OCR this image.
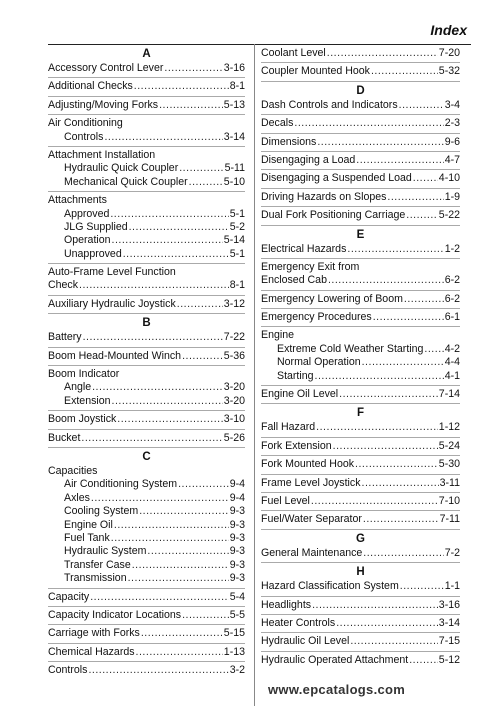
Index
A
Accessory Control Lever .....	3-16
Additional Checks .....	8-1
Adjusting/Moving Forks .....	5-13
Air Conditioning
Controls .....	3-14
Attachment Installation
Hydraulic Quick Coupler .....	5-11
Mechanical Quick Coupler .....	5-10
Attachments
Approved .....	5-1
JLG Supplied .....	5-2
Operation .....	5-14
Unapproved .....	5-1
Auto-Frame Level Function
Check .....	8-1
Auxiliary Hydraulic Joystick .....	3-12
B
Battery .....	7-22
Boom Head-Mounted Winch .....	5-36
Boom Indicator
Angle .....	3-20
Extension .....	3-20
Boom Joystick .....	3-10
Bucket .....	5-26
C
Capacities
Air Conditioning System .....	9-4
Axles .....	9-4
Cooling System .....	9-3
Engine Oil .....	9-3
Fuel Tank .....	9-3
Hydraulic System .....	9-3
Transfer Case .....	9-3
Transmission .....	9-3
Capacity .....	5-4
Capacity Indicator Locations .....	5-5
Carriage with Forks .....	5-15
Chemical Hazards .....	1-13
Controls .....	3-2
Coolant Level .....	7-20
Coupler Mounted Hook .....	5-32
D
Dash Controls and Indicators .....	3-4
Decals .....	2-3
Dimensions .....	9-6
Disengaging a Load .....	4-7
Disengaging a Suspended Load .....	4-10
Driving Hazards on Slopes .....	1-9
Dual Fork Positioning Carriage .....	5-22
E
Electrical Hazards .....	1-2
Emergency Exit from
Enclosed Cab .....	6-2
Emergency Lowering of Boom .....	6-2
Emergency Procedures .....	6-1
Engine
Extreme Cold Weather Starting ..... 4-2
Normal Operation .....	4-4
Starting .....	4-1
Engine Oil Level .....	7-14
F
Fall Hazard .....	1-12
Fork Extension .....	5-24
Fork Mounted Hook .....	5-30
Frame Level Joystick .....	3-11
Fuel Level .....	7-10
Fuel/Water Separator .....	7-11
G
General Maintenance .....	7-2
H
Hazard Classification System .....	1-1
Headlights .....	3-16
Heater Controls .....	3-14
Hydraulic Oil Level .....	7-15
Hydraulic Operated Attachment .....	5-12
www.epcatalogs.com
